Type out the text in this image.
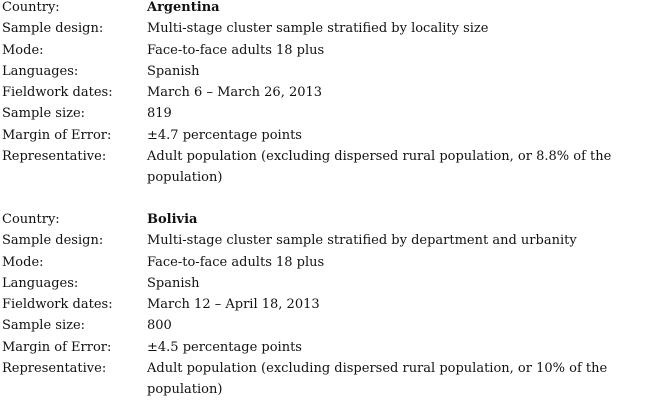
Country:	Argentina
Sample design:	Multi-stage cluster sample stratified by locality size
Mode:	Face-to-face adults 18 plus
Languages:	Spanish
Fieldwork dates:	March 6 – March 26, 2013
Sample size:	819
Margin of Error:	±4.7 percentage points
Representative:	Adult population (excluding dispersed rural population, or 8.8% of the population)
Country:	Bolivia
Sample design:	Multi-stage cluster sample stratified by department and urbanity
Mode:	Face-to-face adults 18 plus
Languages:	Spanish
Fieldwork dates:	March 12 – April 18, 2013
Sample size:	800
Margin of Error:	±4.5 percentage points
Representative:	Adult population (excluding dispersed rural population, or 10% of the population)
